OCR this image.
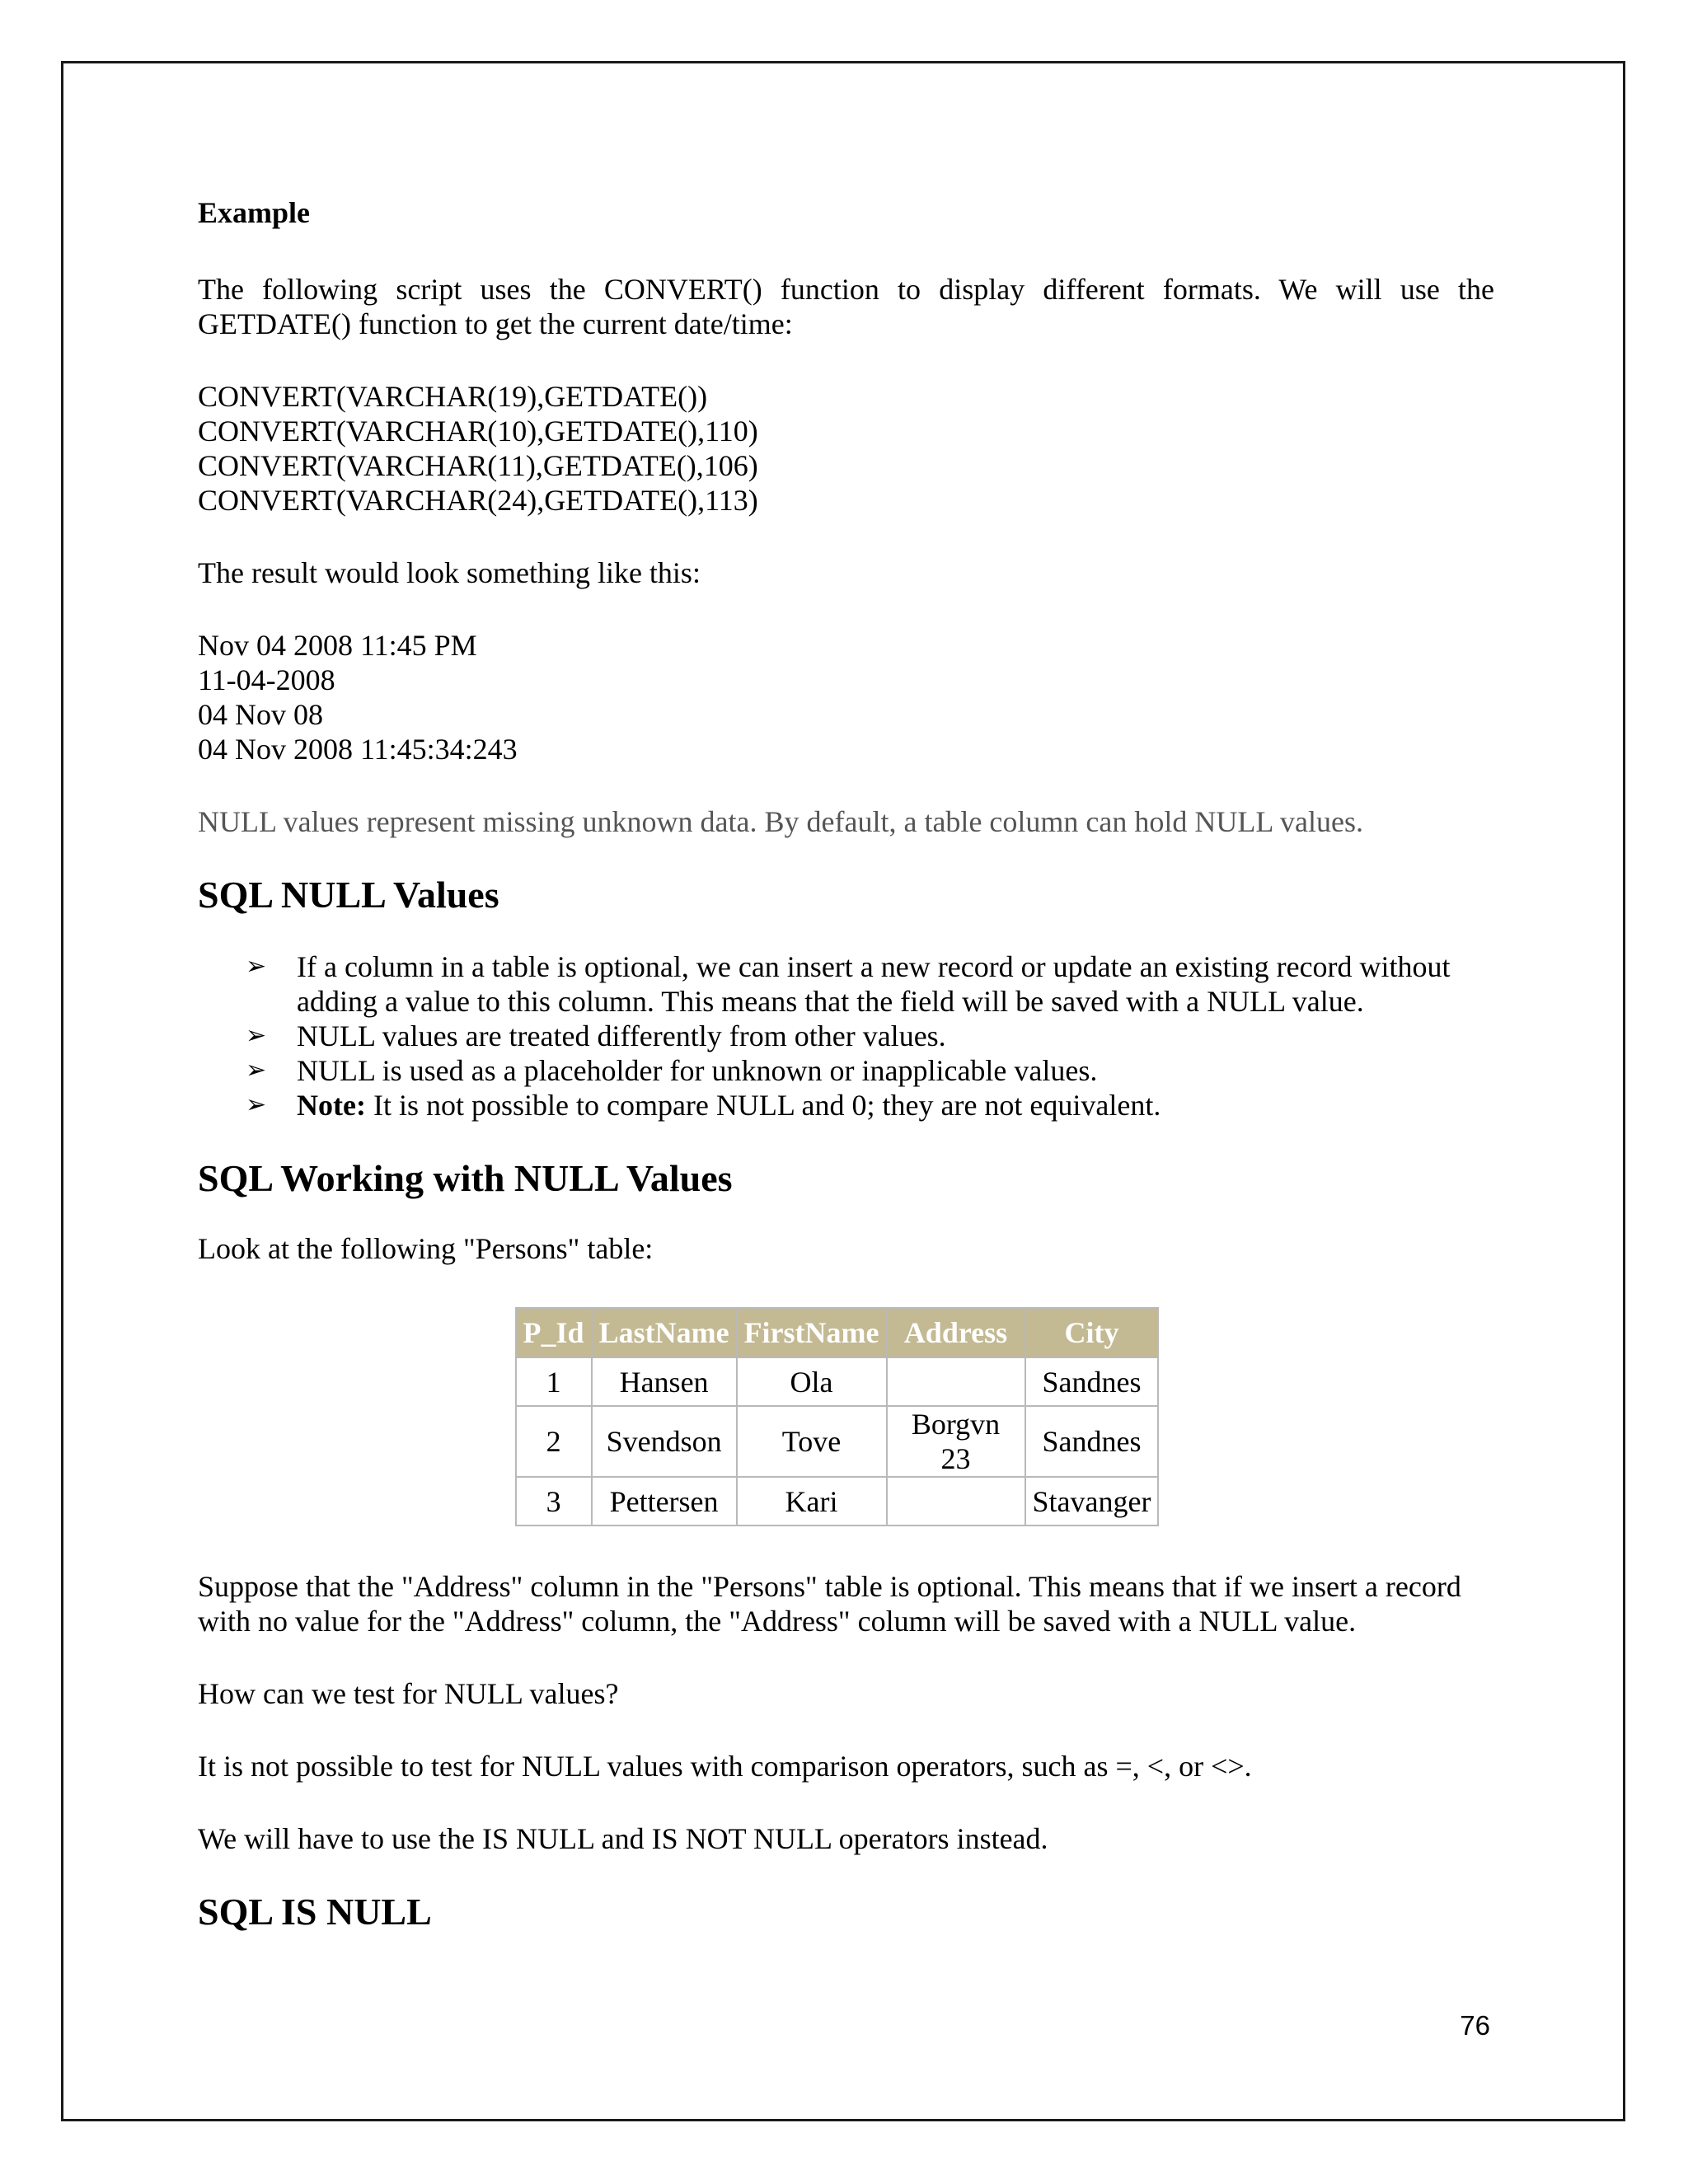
Example

The following script uses the CONVERT() function to display different formats. We will use the GETDATE() function to get the current date/time:

CONVERT(VARCHAR(19),GETDATE())
CONVERT(VARCHAR(10),GETDATE(),110)
CONVERT(VARCHAR(11),GETDATE(),106)
CONVERT(VARCHAR(24),GETDATE(),113)

The result would look something like this:

Nov 04 2008 11:45 PM
11-04-2008
04 Nov 08
04 Nov 2008 11:45:34:243

NULL values represent missing unknown data. By default, a table column can hold NULL values.

SQL NULL Values
➢ If a column in a table is optional, we can insert a new record or update an existing record without adding a value to this column. This means that the field will be saved with a NULL value.
➢ NULL values are treated differently from other values.
➢ NULL is used as a placeholder for unknown or inapplicable values.
➢ Note: It is not possible to compare NULL and 0; they are not equivalent.
SQL Working with NULL Values

Look at the following "Persons" table:

P_Id	LastName	FirstName	Address	City
1	Hansen	Ola		Sandnes
2	Svendson	Tove	Borgvn 23	Sandnes
3	Pettersen	Kari		Stavanger

Suppose that the "Address" column in the "Persons" table is optional. This means that if we insert a record with no value for the "Address" column, the "Address" column will be saved with a NULL value.

How can we test for NULL values?

It is not possible to test for NULL values with comparison operators, such as =, <, or <>.

We will have to use the IS NULL and IS NOT NULL operators instead.

SQL IS NULL
76
